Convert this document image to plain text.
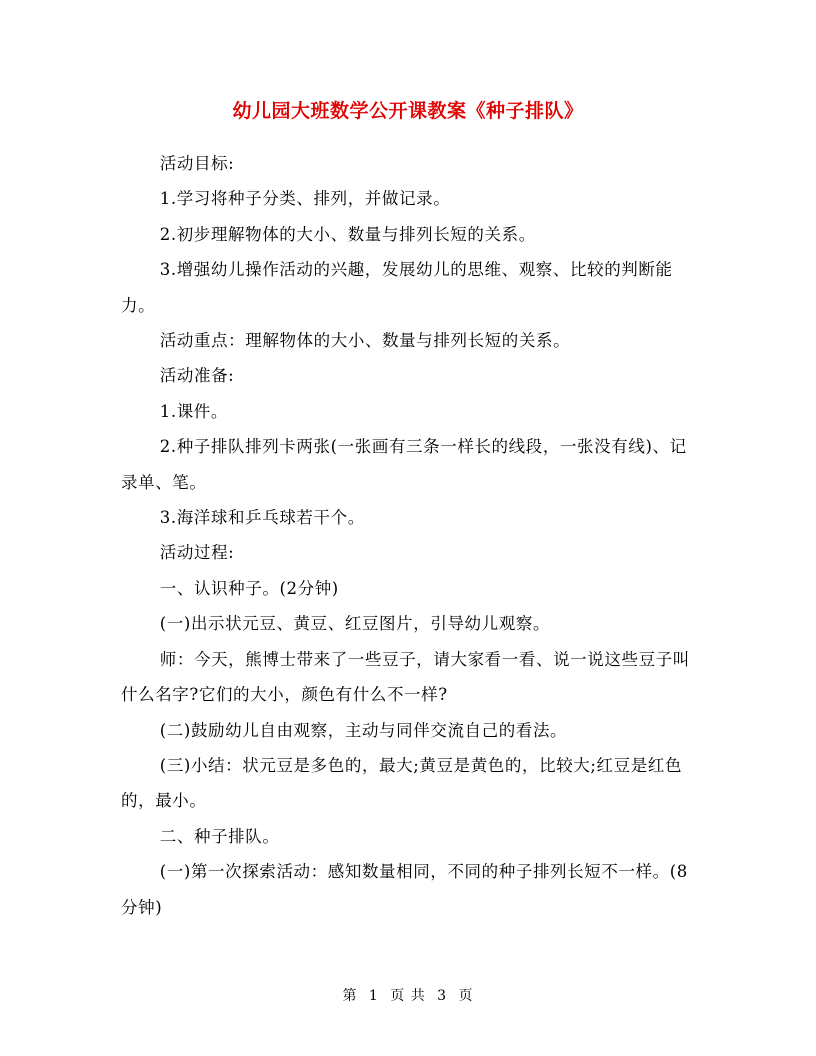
幼儿园大班数学公开课教案《种子排队》

活动目标:

1.学习将种子分类、排列，并做记录。

2.初步理解物体的大小、数量与排列长短的关系。

3.增强幼儿操作活动的兴趣，发展幼儿的思维、观察、比较的判断能力。

活动重点：理解物体的大小、数量与排列长短的关系。

活动准备:

1.课件。

2.种子排队排列卡两张(一张画有三条一样长的线段，一张没有线)、记录单、笔。

3.海洋球和乒乓球若干个。

活动过程:

一、认识种子。(2分钟)

(一)出示状元豆、黄豆、红豆图片，引导幼儿观察。

师：今天，熊博士带来了一些豆子，请大家看一看、说一说这些豆子叫什么名字?它们的大小，颜色有什么不一样?

(二)鼓励幼儿自由观察，主动与同伴交流自己的看法。

(三)小结：状元豆是多色的，最大;黄豆是黄色的，比较大;红豆是红色的，最小。

二、种子排队。

(一)第一次探索活动：感知数量相同，不同的种子排列长短不一样。(8分钟)

第 1 页 共 3 页
